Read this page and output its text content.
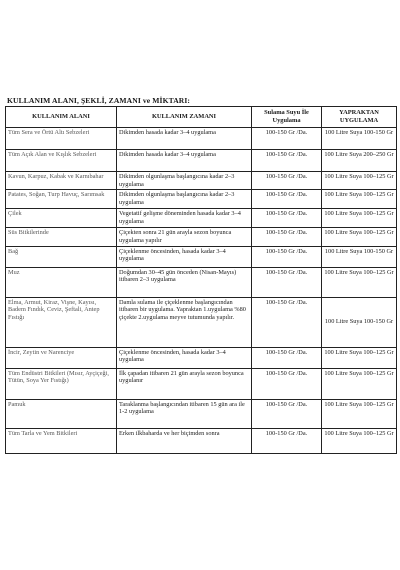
KULLANIM ALANI, ŞEKLİ, ZAMANI ve MİKTARI:
KULLANIM ALANI	KULLANIM ZAMANI	Sulama Suyu İle Uygulama	YAPRAKTAN UYGULAMA
Tüm Sera ve Örtü Altı Sebzeleri	Dikimden hasada kadar 3–4 uygulama	100-150 Gr /Da.	100 Litre Suya 100-150 Gr
Tüm Açık Alan ve Kışlık Sebzeleri	Dikimden hasada kadar 3–4 uygulama	100-150 Gr /Da.	100 Litre Suya 200–250 Gr
Kavun, Karpuz, Kabak ve Karnıbahar	Dikimden olgunlaşma başlangıcına kadar 2–3 uygulama	100-150 Gr /Da.	100 Litre Suya 100–125 Gr
Patates, Soğan, Turp Havuç, Sarımsak	Dikimden olgunlaşma başlangıcına kadar 2–3 uygulama	100-150 Gr /Da.	100 Litre Suya 100–125 Gr
Çilek	Vegetatif gelişme döneminden hasada kadar 3–4 uygulama	100-150 Gr /Da.	100 Litre Suya 100–125 Gr
Süs Bitkilerinde	Çiçekten sonra 21 gün arayla sezon boyunca uygulama yapılır	100-150 Gr /Da.	100 Litre Suya 100–125 Gr
Bağ	Çiçeklenme öncesinden, hasada kadar 3–4 uygulama	100-150 Gr /Da.	100 Litre Suya 100-150 Gr
Muz	Doğumdan 30–45 gün önceden (Nisan-Mayıs) itibaren 2–3 uygulama	100-150 Gr /Da.	100 Litre Suya 100–125 Gr
Elma, Armut, Kiraz, Vişne, Kayısı, Badem Fındık, Ceviz, Şeftali, Antep Fıstığı	Damla sulama ile çiçeklenme başlangıcından itibaren bir uygulama. Yapraktan 1.uygulama %80 çiçekte 2.uygulama meyve tutumunda yapılır.	100-150 Gr /Da.	100 Litre Suya 100-150 Gr
İncir, Zeytin ve Narenciye	Çiçeklenme öncesinden, hasada kadar 3–4 uygulama	100-150 Gr /Da.	100 Litre Suya 100–125 Gr
Tüm Endüstri Bitkileri (Mısır, Ayçiçeği, Tütün, Soya Yer Fıstığı)	İlk çapadan itibaren 21 gün arayla sezon boyunca uygulanır	100-150 Gr /Da.	100 Litre Suya 100–125 Gr
Pamuk	Taraklanma başlangıcından itibaren 15 gün ara ile 1-2 uygulama	100-150 Gr /Da.	100 Litre Suya 100–125 Gr
Tüm Tarla ve Yem Bitkileri	Erken ilkbaharda ve her biçimden sonra	100-150 Gr /Da.	100 Litre Suya 100–125 Gr
